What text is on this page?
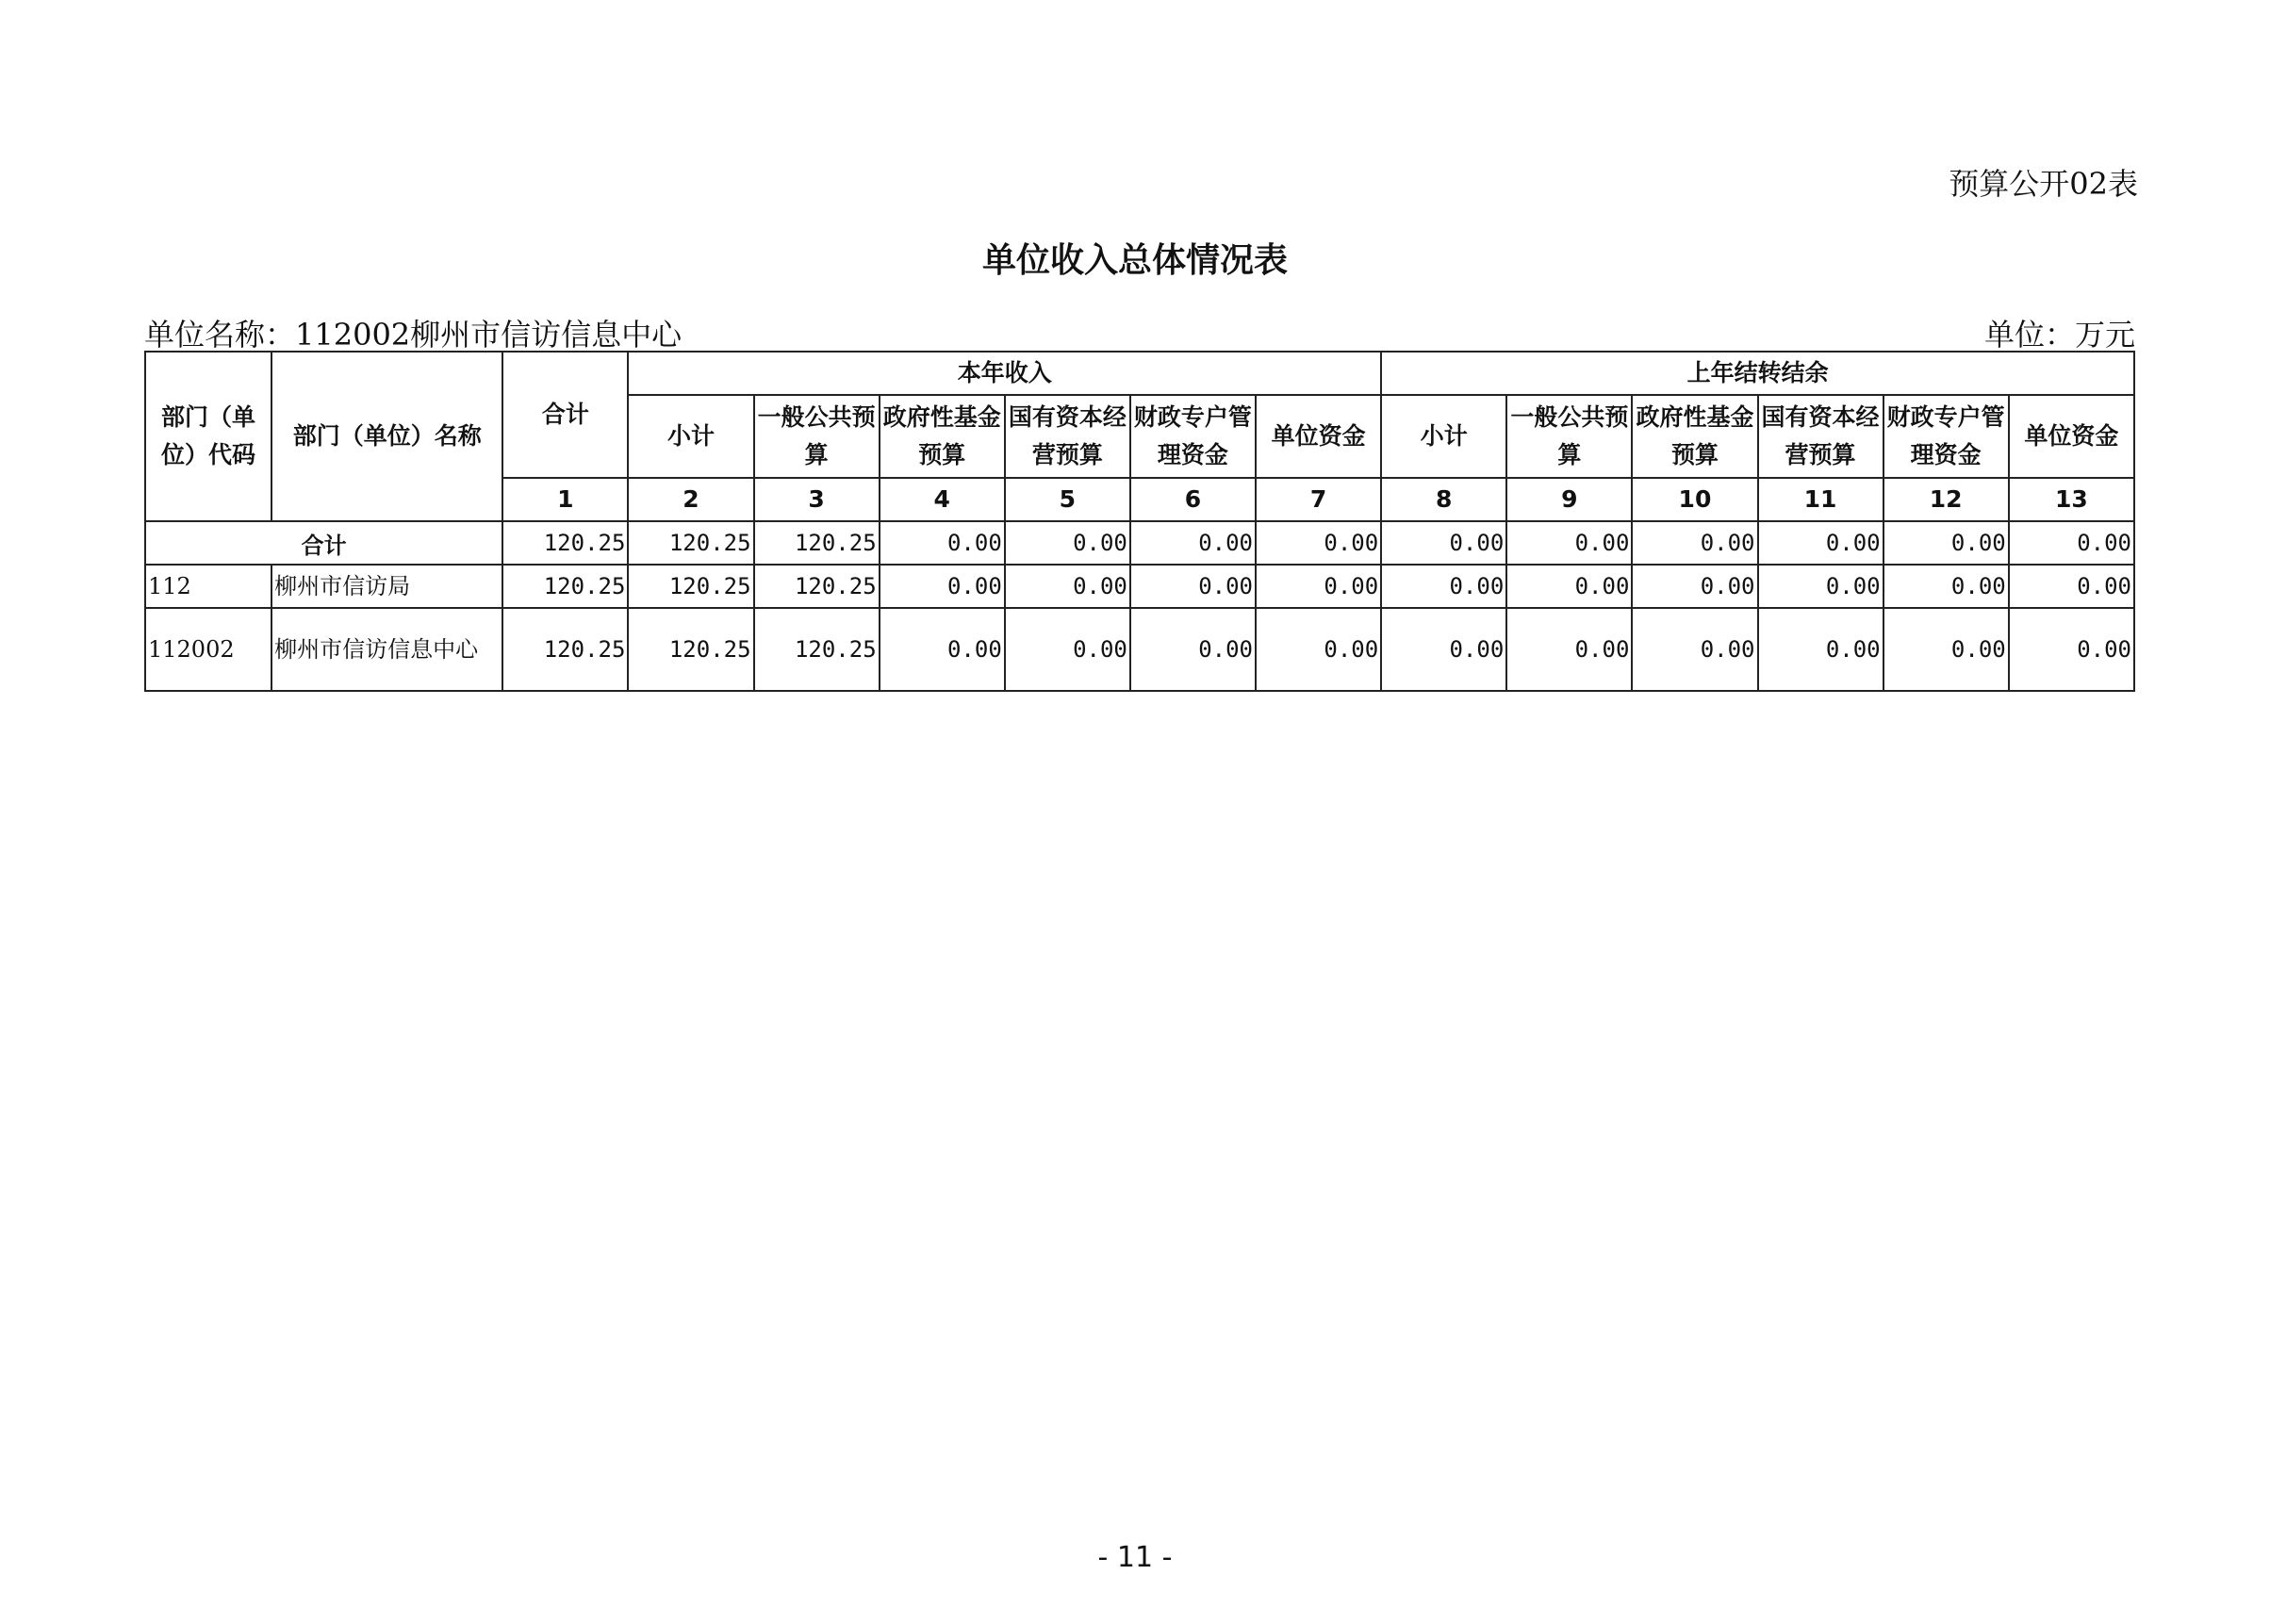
预算公开02表
单位收入总体情况表
单位名称：112002柳州市信访信息中心	单位：万元
部门（单位）代码	部门（单位）名称	合计	本年收入						上年结转结余					
			小计	一般公共预算	政府性基金预算	国有资本经营预算	财政专户管理资金	单位资金	小计	一般公共预算	政府性基金预算	国有资本经营预算	财政专户管理资金	单位资金
		1	2	3	4	5	6	7	8	9	10	11	12	13
合计		120.25	120.25	120.25	0.00	0.00	0.00	0.00	0.00	0.00	0.00	0.00	0.00	0.00
112	柳州市信访局	120.25	120.25	120.25	0.00	0.00	0.00	0.00	0.00	0.00	0.00	0.00	0.00	0.00
112002	柳州市信访信息中心	120.25	120.25	120.25	0.00	0.00	0.00	0.00	0.00	0.00	0.00	0.00	0.00	0.00
- 11 -
